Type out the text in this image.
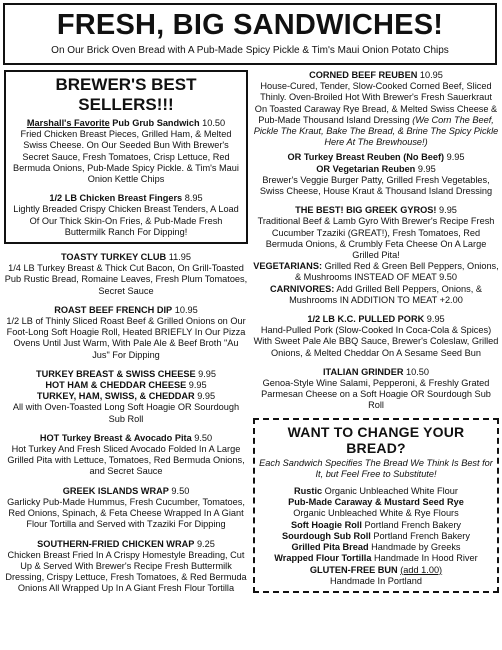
FRESH, BIG SANDWICHES!
On Our Brick Oven Bread with A Pub-Made Spicy Pickle & Tim's Maui Onion Potato Chips
BREWER'S BEST SELLERS!!!
Marshall's Favorite Pub Grub Sandwich 10.50
Fried Chicken Breast Pieces, Grilled Ham, & Melted Swiss Cheese. On Our Seeded Bun With Brewer's Secret Sauce, Fresh Tomatoes, Crisp Lettuce, Red Bermuda Onions, Pub-Made Spicy Pickle. & Tim's Maui Onion Kettle Chips
1/2 LB Chicken Breast Fingers 8.95
Lightly Breaded Crispy Chicken Breast Tenders, A Load Of Our Thick Skin-On Fries, & Pub-Made Fresh Buttermilk Ranch For Dipping!
TOASTY TURKEY CLUB 11.95
1/4 LB Turkey Breast & Thick Cut Bacon, On Grill-Toasted Pub Rustic Bread, Romaine Leaves, Fresh Plum Tomatoes, Secret Sauce
ROAST BEEF FRENCH DIP 10.95
1/2 LB of Thinly Sliced Roast Beef & Grilled Onions on Our Foot-Long Soft Hoagie Roll, Heated BRIEFLY In Our Pizza Ovens Until Just Warm, With Pale Ale & Beef Broth "Au Jus" For Dipping
TURKEY BREAST & SWISS CHEESE 9.95
HOT HAM & CHEDDAR CHEESE 9.95
TURKEY, HAM, SWISS, & CHEDDAR 9.95
All with Oven-Toasted Long Soft Hoagie OR Sourdough Sub Roll
HOT Turkey Breast & Avocado Pita 9.50
Hot Turkey And Fresh Sliced Avocado Folded In A Large Grilled Pita with Lettuce, Tomatoes, Red Bermuda Onions, and Secret Sauce
GREEK ISLANDS WRAP 9.50
Garlicky Pub-Made Hummus, Fresh Cucumber, Tomatoes, Red Onions, Spinach, & Feta Cheese Wrapped In A Giant Flour Tortilla and Served with Tzaziki For Dipping
SOUTHERN-FRIED CHICKEN WRAP 9.25
Chicken Breast Fried In A Crispy Homestyle Breading, Cut Up & Served With Brewer's Recipe Fresh Buttermilk Dressing, Crispy Lettuce, Fresh Tomatoes, & Red Bermuda Onions All Wrapped Up In A Giant Fresh Flour Tortilla
CORNED BEEF REUBEN 10.95
House-Cured, Tender, Slow-Cooked Corned Beef, Sliced Thinly. Oven-Broiled Hot With Brewer's Fresh Sauerkraut On Toasted Caraway Rye Bread, & Melted Swiss Cheese & Pub-Made Thousand Island Dressing (We Corn The Beef, Pickle The Kraut, Bake The Bread, & Brine The Spicy Pickle Here At The Brewhouse!)
OR Turkey Breast Reuben (No Beef) 9.95
OR Vegetarian Reuben 9.95
Brewer's Veggie Burger Patty, Grilled Fresh Vegetables, Swiss Cheese, House Kraut & Thousand Island Dressing
THE BEST! BIG GREEK GYROS! 9.95
Traditional Beef & Lamb Gyro With Brewer's Recipe Fresh Cucumber Tzaziki (GREAT!), Fresh Tomatoes, Red Bermuda Onions, & Crumbly Feta Cheese On A Large Grilled Pita!
VEGETARIANS: Grilled Red & Green Bell Peppers, Onions, & Mushrooms INSTEAD OF MEAT 9.50
CARNIVORES: Add Grilled Bell Peppers, Onions, & Mushrooms IN ADDITION TO MEAT +2.00
1/2 LB K.C. PULLED PORK 9.95
Hand-Pulled Pork (Slow-Cooked In Coca-Cola & Spices) With Sweet Pale Ale BBQ Sauce, Brewer's Coleslaw, Grilled Onions, & Melted Cheddar On A Sesame Seed Bun
ITALIAN GRINDER 10.50
Genoa-Style Wine Salami, Pepperoni, & Freshly Grated Parmesan Cheese on a Soft Hoagie OR Sourdough Sub Roll
WANT TO CHANGE YOUR BREAD?
Each Sandwich Specifies The Bread We Think Is Best for It, but Feel Free to Substitute!
Rustic Organic Unbleached White Flour
Pub-Made Caraway & Mustard Seed Rye
Organic Unbleached White & Rye Flours
Soft Hoagie Roll Portland French Bakery
Sourdough Sub Roll Portland French Bakery
Grilled Pita Bread Handmade by Greeks
Wrapped Flour Tortilla Handmade In Hood River
GLUTEN-FREE BUN (add 1.00)
Handmade In Portland
